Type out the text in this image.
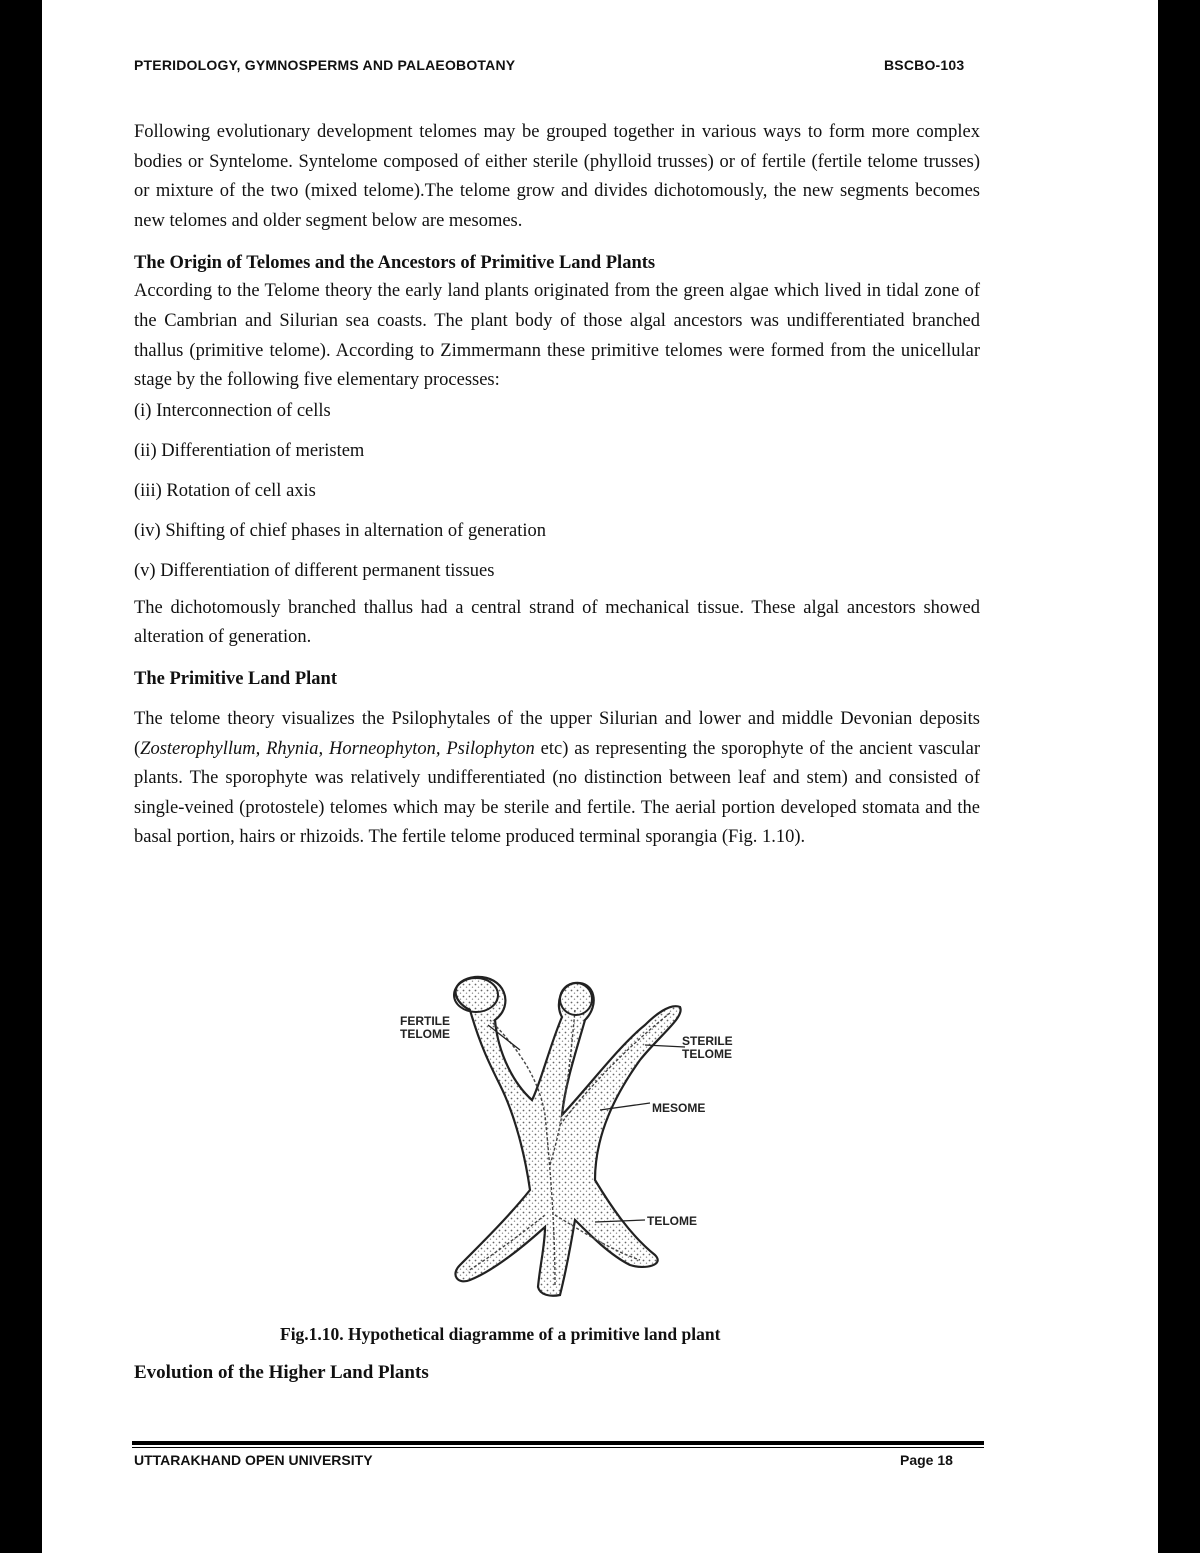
PTERIDOLOGY, GYMNOSPERMS AND PALAEOBOTANY	BSCBO-103

Following evolutionary development telomes may be grouped together in various ways to form more complex bodies or Syntelome. Syntelome composed of either sterile (phylloid trusses) or of fertile (fertile telome trusses) or mixture of the two (mixed telome).The telome grow and divides dichotomously, the new segments becomes new telomes and older segment below are mesomes.

The Origin of Telomes and the Ancestors of Primitive Land Plants

According to the Telome theory the early land plants originated from the green algae which lived in tidal zone of the Cambrian and Silurian sea coasts. The plant body of those algal ancestors was undifferentiated branched thallus (primitive telome). According to Zimmermann these primitive telomes were formed from the unicellular stage by the following five elementary processes:

(i) Interconnection of cells

(ii) Differentiation of meristem

(iii) Rotation of cell axis

(iv) Shifting of chief phases in alternation of generation

(v) Differentiation of different permanent tissues

The dichotomously branched thallus had a central strand of mechanical tissue. These algal ancestors showed alteration of generation.

The Primitive Land Plant

The telome theory visualizes the Psilophytales of the upper Silurian and lower and middle Devonian deposits (Zosterophyllum, Rhynia, Horneophyton, Psilophyton etc) as representing the sporophyte of the ancient vascular plants. The sporophyte was relatively undifferentiated (no distinction between leaf and stem) and consisted of single-veined (protostele) telomes which may be sterile and fertile. The aerial portion developed stomata and the basal portion, hairs or rhizoids. The fertile telome produced terminal sporangia (Fig. 1.10).

FERTILE
TELOME	STERILE
TELOME
MESOME
TELOME
Fig.1.10. Hypothetical diagramme of a primitive land plant
Evolution of the Higher Land Plants
UTTARAKHAND OPEN UNIVERSITY	Page 18
